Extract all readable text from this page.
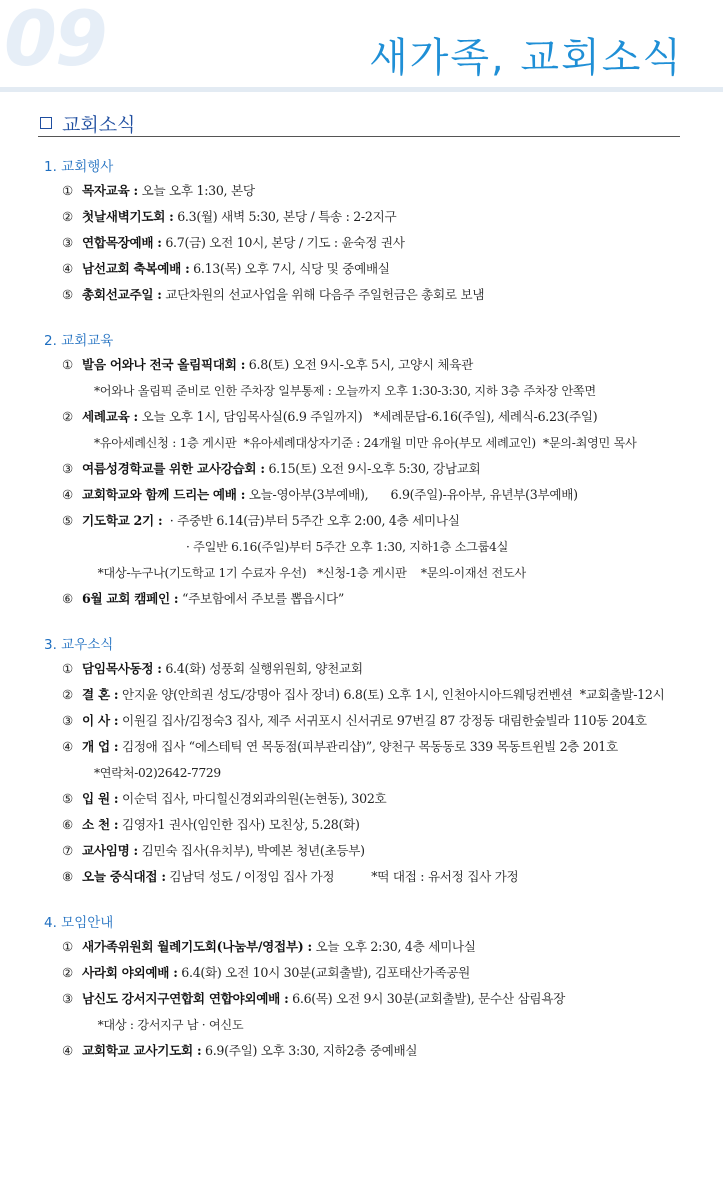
09	새가족, 교회소식
교회소식
1. 교회행사
① 목자교육 : 오늘 오후 1:30, 본당
② 첫날새벽기도회 : 6.3(월) 새벽 5:30, 본당 / 특송 : 2-2지구
③ 연합목장예배 : 6.7(금) 오전 10시, 본당 / 기도 : 윤숙정 권사
④ 남선교회 축복예배 : 6.13(목) 오후 7시, 식당 및 중예배실
⑤ 총회선교주일 : 교단차원의 선교사업을 위해 다음주 주일헌금은 총회로 보냄
2. 교회교육
① 발음 어와나 전국 올림픽대회 : 6.8(토) 오전 9시-오후 5시, 고양시 체육관
*어와나 올림픽 준비로 인한 주차장 일부통제 : 오늘까지 오후 1:30-3:30, 지하 3층 주차장 안쪽면
② 세례교육 : 오늘 오후 1시, 담임목사실(6.9 주일까지)   *세례문답-6.16(주일), 세례식-6.23(주일)
*유아세례신청 : 1층 게시판  *유아세례대상자기준 : 24개월 미만 유아(부모 세례교인)  *문의-최영민 목사
③ 여름성경학교를 위한 교사강습회 : 6.15(토) 오전 9시-오후 5:30, 강남교회
④ 교회학교와 함께 드리는 예배 : 오늘-영아부(3부예배),      6.9(주일)-유아부, 유년부(3부예배)
⑤ 기도학교 2기 :  · 주중반 6.14(금)부터 5주간 오후 2:00, 4층 세미나실
· 주일반 6.16(주일)부터 5주간 오후 1:30, 지하1층 소그룹4실
*대상-누구나(기도학교 1기 수료자 우선)   *신청-1층 게시판    *문의-이재선 전도사
⑥ 6월 교회 캠페인 : “주보함에서 주보를 뽑읍시다”
3. 교우소식
① 담임목사동정 : 6.4(화) 성풍회 실행위원회, 양천교회
② 결 혼 : 안지윤 양(안희권 성도/강명아 집사 장녀) 6.8(토) 오후 1시, 인천아시아드웨딩컨벤션  *교회출발-12시
③ 이 사 : 이원길 집사/김정숙3 집사, 제주 서귀포시 신서귀로 97번길 87 강정동 대림한숲빌라 110동 204호
④ 개 업 : 김정애 집사 “에스테틱 연 목동점(피부관리샵)”, 양천구 목동동로 339 목동트윈빌 2층 201호
*연락처-02)2642-7729
⑤ 입 원 : 이순덕 집사, 마디힐신경외과의원(논현동), 302호
⑥ 소 천 : 김영자1 권사(임인한 집사) 모친상, 5.28(화)
⑦ 교사임명 : 김민숙 집사(유치부), 박예본 청년(초등부)
⑧ 오늘 중식대접 : 김남덕 성도 / 이정임 집사 가정          *떡 대접 : 유서정 집사 가정
4. 모임안내
① 새가족위원회 월례기도회(나눔부/영접부) : 오늘 오후 2:30, 4층 세미나실
② 사라회 야외예배 : 6.4(화) 오전 10시 30분(교회출발), 김포태산가족공원
③ 남신도 강서지구연합회 연합야외예배 : 6.6(목) 오전 9시 30분(교회출발), 문수산 삼림욕장
*대상 : 강서지구 남 · 여신도
④ 교회학교 교사기도회 : 6.9(주일) 오후 3:30, 지하2층 중예배실
